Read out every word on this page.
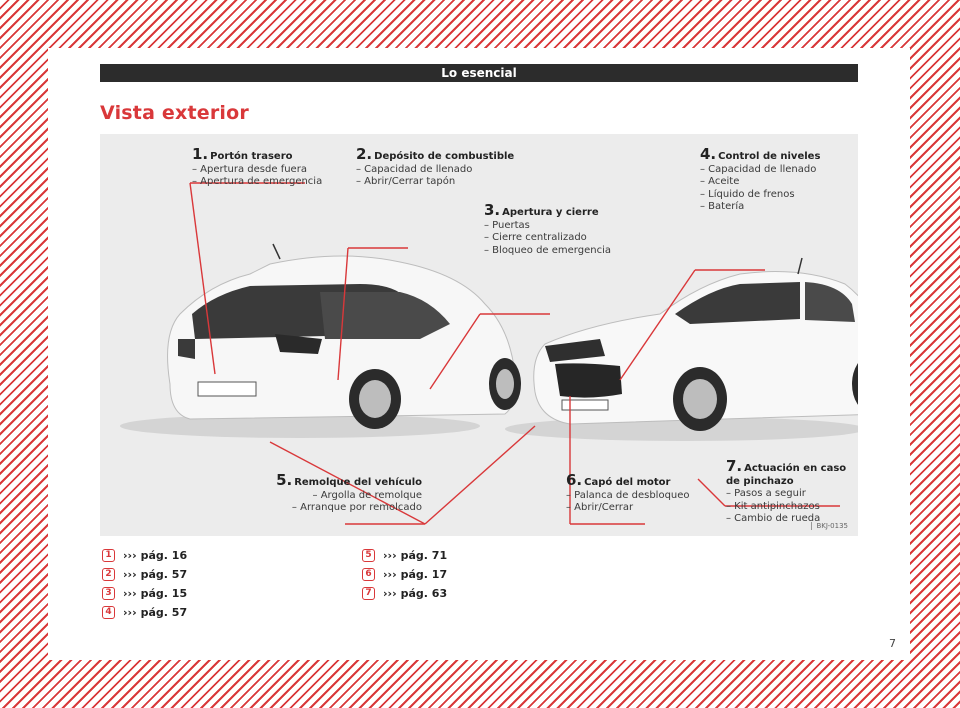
Lo esencial
Vista exterior
1. Portón trasero
– Apertura desde fuera
– Apertura de emergencia
2. Depósito de combustible
– Capacidad de llenado
– Abrir/Cerrar tapón
3. Apertura y cierre
– Puertas
– Cierre centralizado
– Bloqueo de emergencia
4. Control de niveles
– Capacidad de llenado
– Aceite
– Líquido de frenos
– Batería
5. Remolque del vehículo
– Argolla de remolque
– Arranque por remolcado
6. Capó del motor
– Palanca de desbloqueo
– Abrir/Cerrar
7. Actuación en caso de pinchazo
– Pasos a seguir
– Kit antipinchazos
– Cambio de rueda
BKJ-0135
1	››› pág. 16
2	››› pág. 57
3	››› pág. 15
4	››› pág. 57
5	››› pág. 71
6	››› pág. 17
7	››› pág. 63
7
